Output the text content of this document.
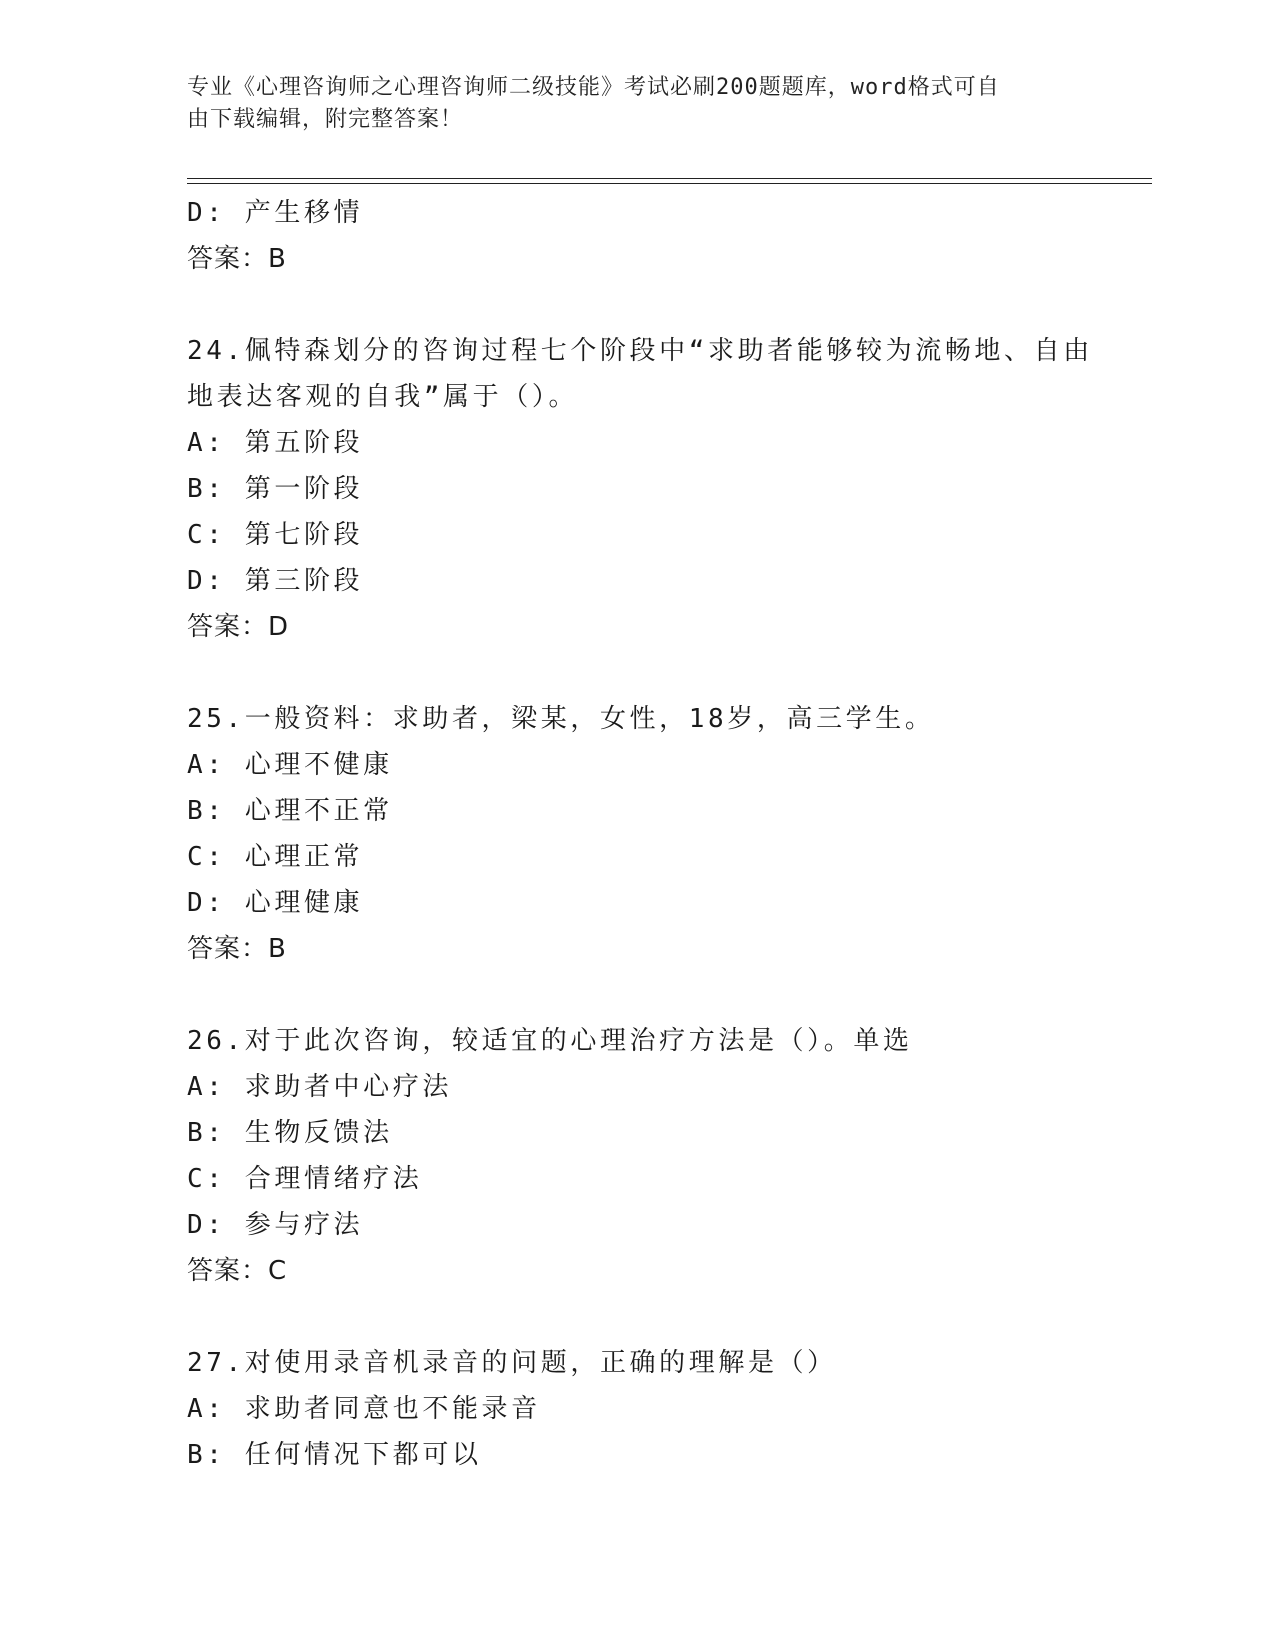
专业《心理咨询师之心理咨询师二级技能》考试必刷200题题库，word格式可自
由下载编辑，附完整答案！
D: 产生移情
答案：B
24.佩特森划分的咨询过程七个阶段中“求助者能够较为流畅地、自由
地表达客观的自我”属于（）。
A: 第五阶段
B: 第一阶段
C: 第七阶段
D: 第三阶段
答案：D
25.一般资料：求助者，梁某，女性，18岁，高三学生。
A: 心理不健康
B: 心理不正常
C: 心理正常
D: 心理健康
答案：B
26.对于此次咨询，较适宜的心理治疗方法是（）。单选
A: 求助者中心疗法
B: 生物反馈法
C: 合理情绪疗法
D: 参与疗法
答案：C
27.对使用录音机录音的问题，正确的理解是（）
A: 求助者同意也不能录音
B: 任何情况下都可以
